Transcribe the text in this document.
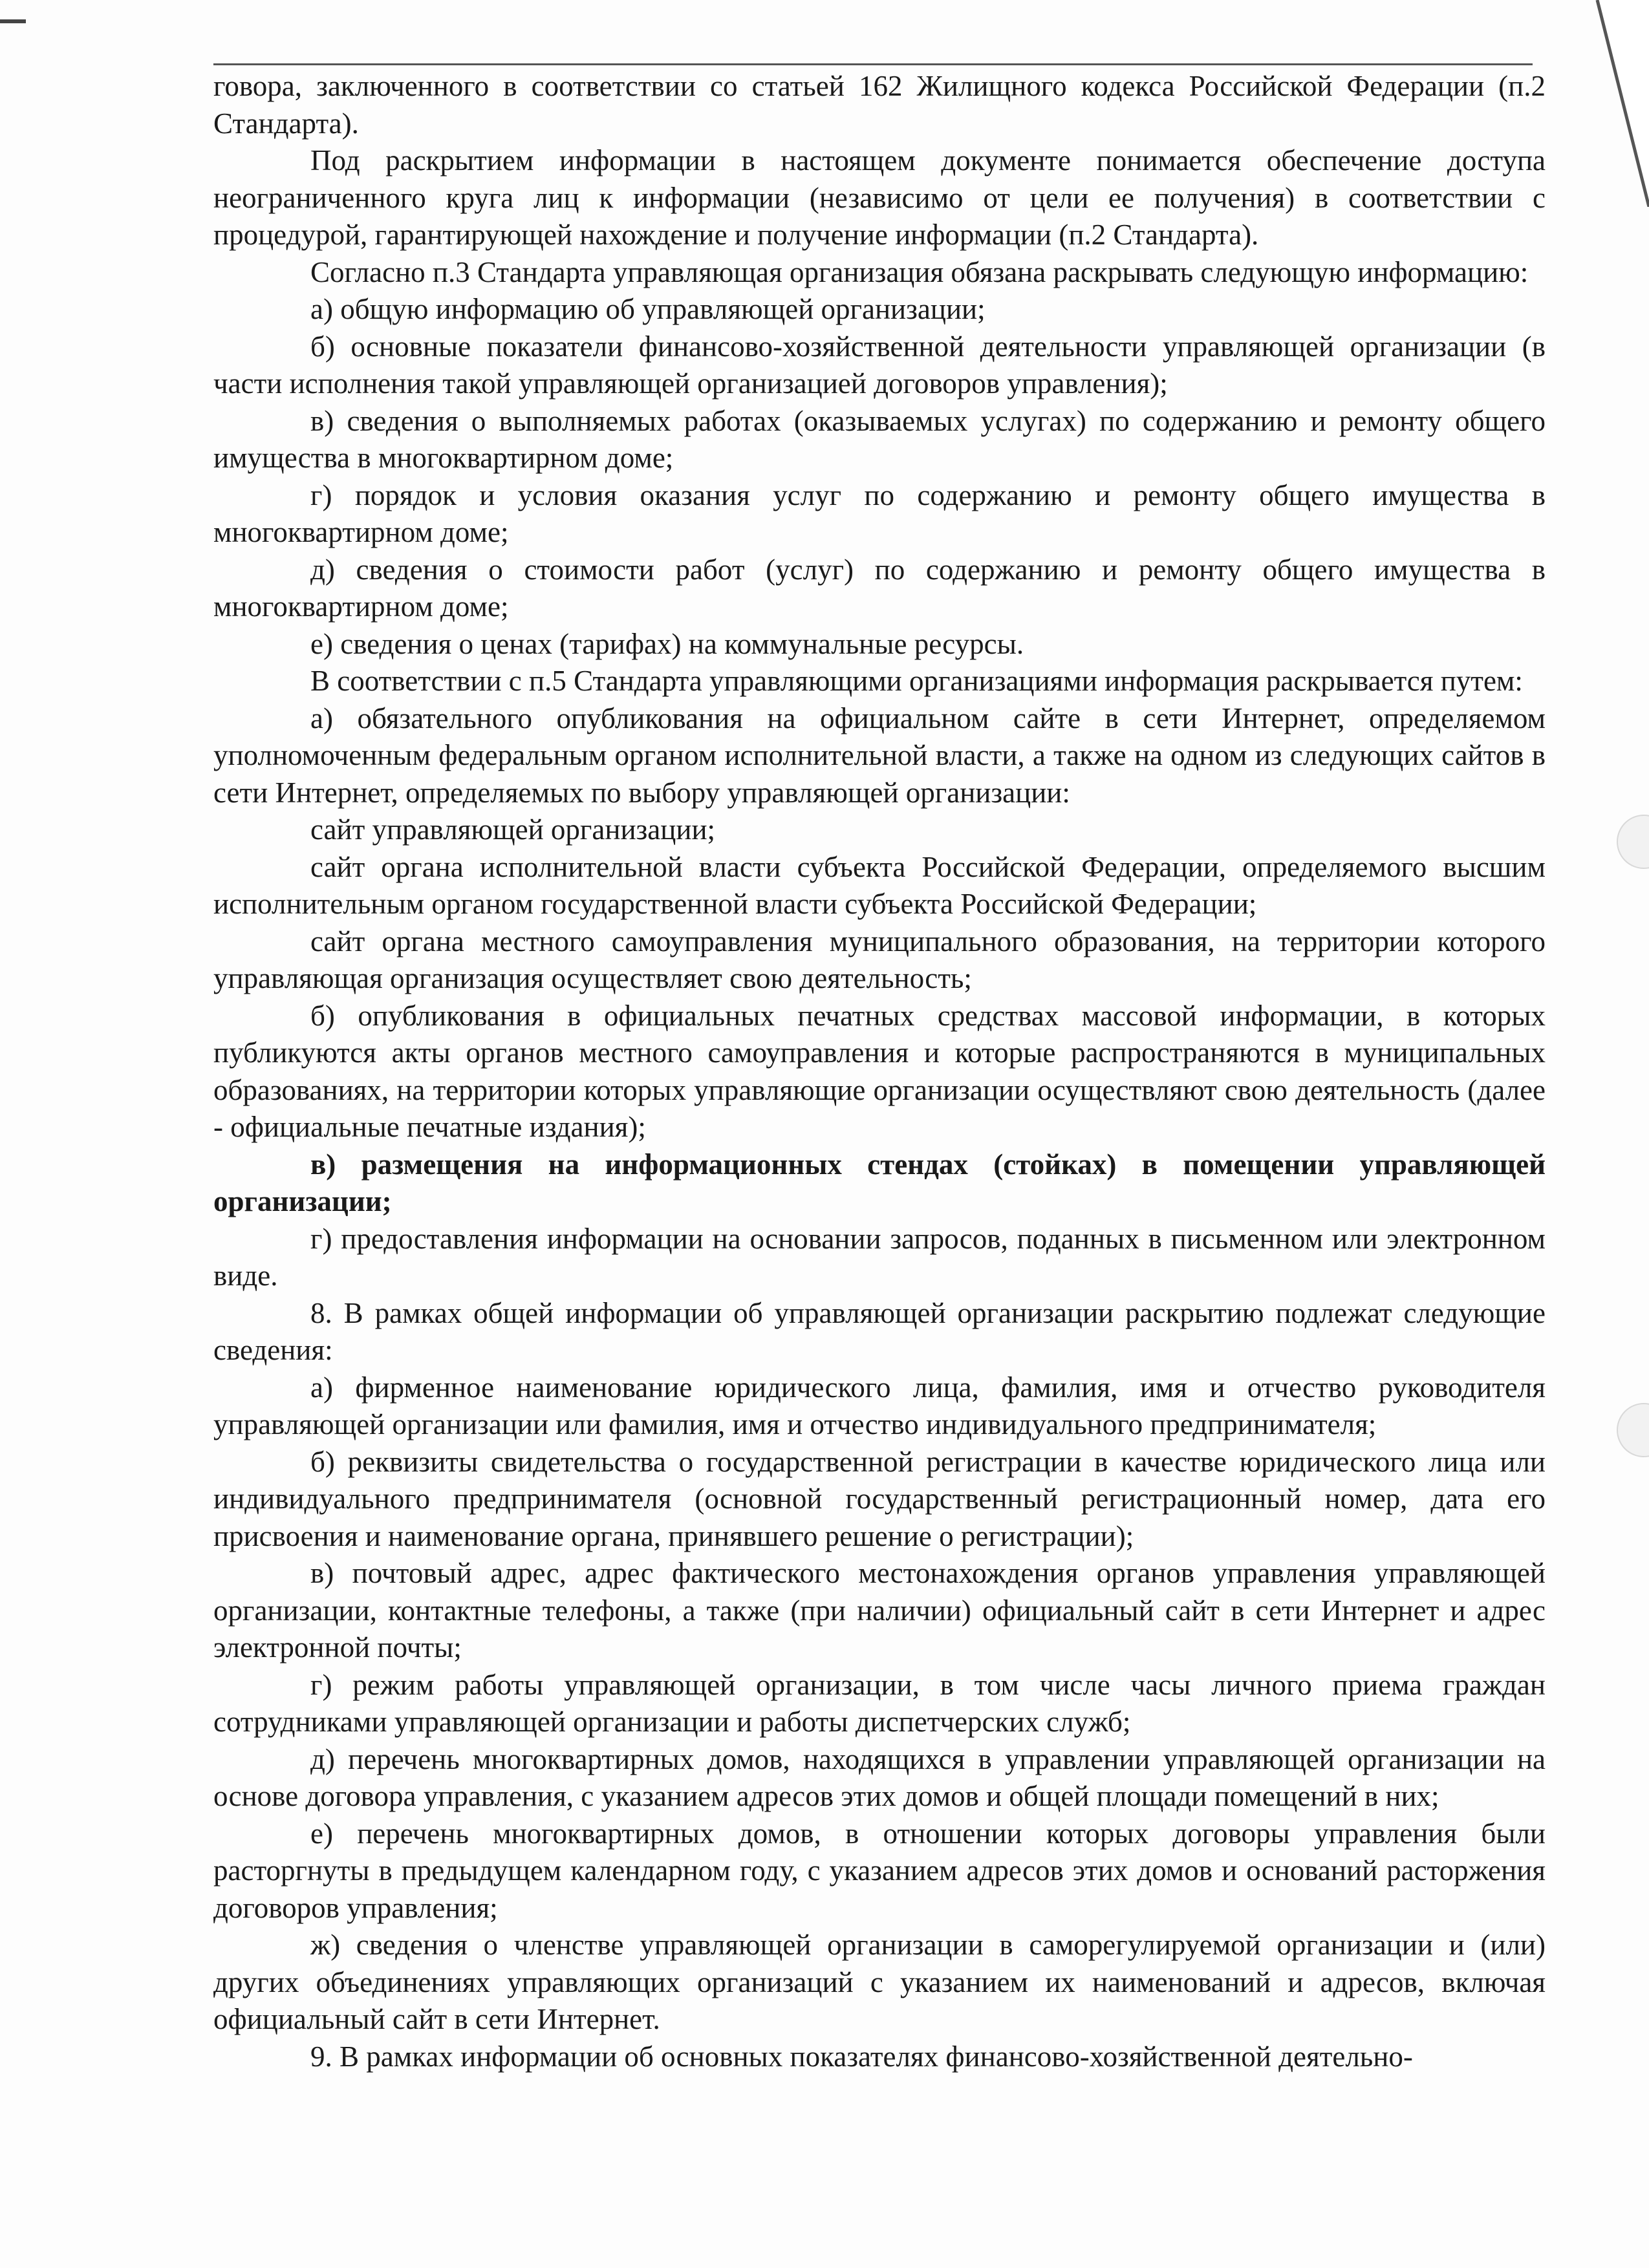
говора, заключенного в соответствии со статьей 162 Жилищного кодекса Российской Федерации (п.2 Стандарта).

Под раскрытием информации в настоящем документе понимается обеспечение доступа неограниченного круга лиц к информации (независимо от цели ее получения) в соответствии с процедурой, гарантирующей нахождение и получение информации (п.2 Стандарта).

Согласно п.3 Стандарта управляющая организация обязана раскрывать следующую информацию:

а) общую информацию об управляющей организации;

б) основные показатели финансово-хозяйственной деятельности управляющей организации (в части исполнения такой управляющей организацией договоров управления);

в) сведения о выполняемых работах (оказываемых услугах) по содержанию и ремонту общего имущества в многоквартирном доме;

г) порядок и условия оказания услуг по содержанию и ремонту общего имущества в многоквартирном доме;

д) сведения о стоимости работ (услуг) по содержанию и ремонту общего имущества в многоквартирном доме;

е) сведения о ценах (тарифах) на коммунальные ресурсы.

В соответствии с п.5 Стандарта управляющими организациями информация раскрывается путем:

а) обязательного опубликования на официальном сайте в сети Интернет, определяемом уполномоченным федеральным органом исполнительной власти, а также на одном из следующих сайтов в сети Интернет, определяемых по выбору управляющей организации:

сайт управляющей организации;

сайт органа исполнительной власти субъекта Российской Федерации, определяемого высшим исполнительным органом государственной власти субъекта Российской Федерации;

сайт органа местного самоуправления муниципального образования, на территории которого управляющая организация осуществляет свою деятельность;

б) опубликования в официальных печатных средствах массовой информации, в которых публикуются акты органов местного самоуправления и которые распространяются в муниципальных образованиях, на территории которых управляющие организации осуществляют свою деятельность (далее - официальные печатные издания);

в) размещения на информационных стендах (стойках) в помещении управляющей организации;

г) предоставления информации на основании запросов, поданных в письменном или электронном виде.

8. В рамках общей информации об управляющей организации раскрытию подлежат следующие сведения:

а) фирменное наименование юридического лица, фамилия, имя и отчество руководителя управляющей организации или фамилия, имя и отчество индивидуального предпринимателя;

б) реквизиты свидетельства о государственной регистрации в качестве юридического лица или индивидуального предпринимателя (основной государственный регистрационный номер, дата его присвоения и наименование органа, принявшего решение о регистрации);

в) почтовый адрес, адрес фактического местонахождения органов управления управляющей организации, контактные телефоны, а также (при наличии) официальный сайт в сети Интернет и адрес электронной почты;

г) режим работы управляющей организации, в том числе часы личного приема граждан сотрудниками управляющей организации и работы диспетчерских служб;

д) перечень многоквартирных домов, находящихся в управлении управляющей организации на основе договора управления, с указанием адресов этих домов и общей площади помещений в них;

е) перечень многоквартирных домов, в отношении которых договоры управления были расторгнуты в предыдущем календарном году, с указанием адресов этих домов и оснований расторжения договоров управления;

ж) сведения о членстве управляющей организации в саморегулируемой организации и (или) других объединениях управляющих организаций с указанием их наименований и адресов, включая официальный сайт в сети Интернет.

9. В рамках информации об основных показателях финансово-хозяйственной деятельно-
